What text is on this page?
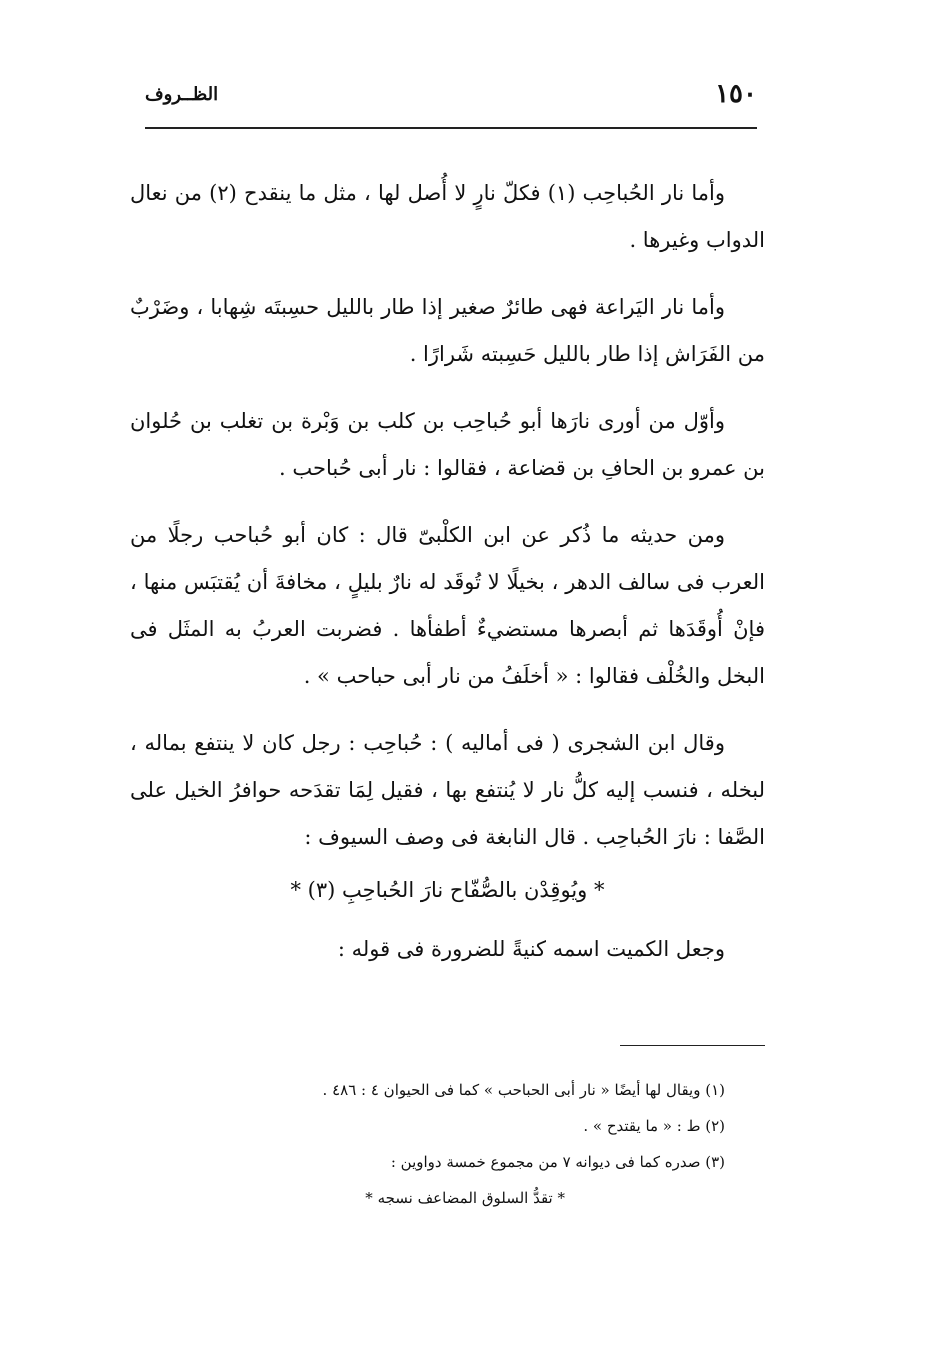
١٥٠
الظــروف

وأما نار الحُباحِب (١) فكلّ نارٍ لا أُصل لها ، مثل ما ينقدح (٢) من نعال الدواب وغيرها .

وأما نار اليَراعة فهى طائرٌ صغير إذا طار بالليل حسِبتَه شِهابا ، وضَرْبٌ من الفَرَاش إذا طار بالليل حَسِبته شَرارًا .

وأوّل من أورى نارَها أبو حُباحِب بن كلب بن وَبْرة بن تغلب بن حُلوان بن عمرو بن الحافِ بن قضاعة ، فقالوا : نار أبى حُباحب .

ومن حديثه ما ذُكر عن ابن الكلْبىّ قال : كان أبو حُباحب رجلًا من العرب فى سالف الدهر ، بخيلًا لا تُوقَد له نارٌ بليلٍ ، مخافةَ أن يُقتبَس منها ، فإنْ أُوقَدَها ثم أبصرها مستضيءٌ أطفأها . فضربت العربُ به المثَل فى البخل والخُلْف فقالوا : « أخلَفُ من نار أبى حباحب » .

وقال ابن الشجرى ( فى أماليه ) : حُباحِب : رجل كان لا ينتفع بماله ، لبخله ، فنسب إليه كلُّ نار لا يُنتفع بها ، فقيل لِمَا تقدَحه حوافرُ الخيل على الصَّفا : نارَ الحُباحِب . قال النابغة فى وصف السيوف :

* ويُوقِدْن بالصُّفّاح نارَ الحُباحِبِ (٣) *

وجعل الكميت اسمه كنيةً للضرورة فى قوله :

(١) ويقال لها أيضًا « نار أبى الحباحب » كما فى الحيوان ٤ : ٤٨٦ .

(٢) ط : « ما يقتدح » .

(٣) صدره كما فى ديوانه ٧ من مجموع خمسة دواوين :

* تقدُّ السلوق المضاعف نسجه *
